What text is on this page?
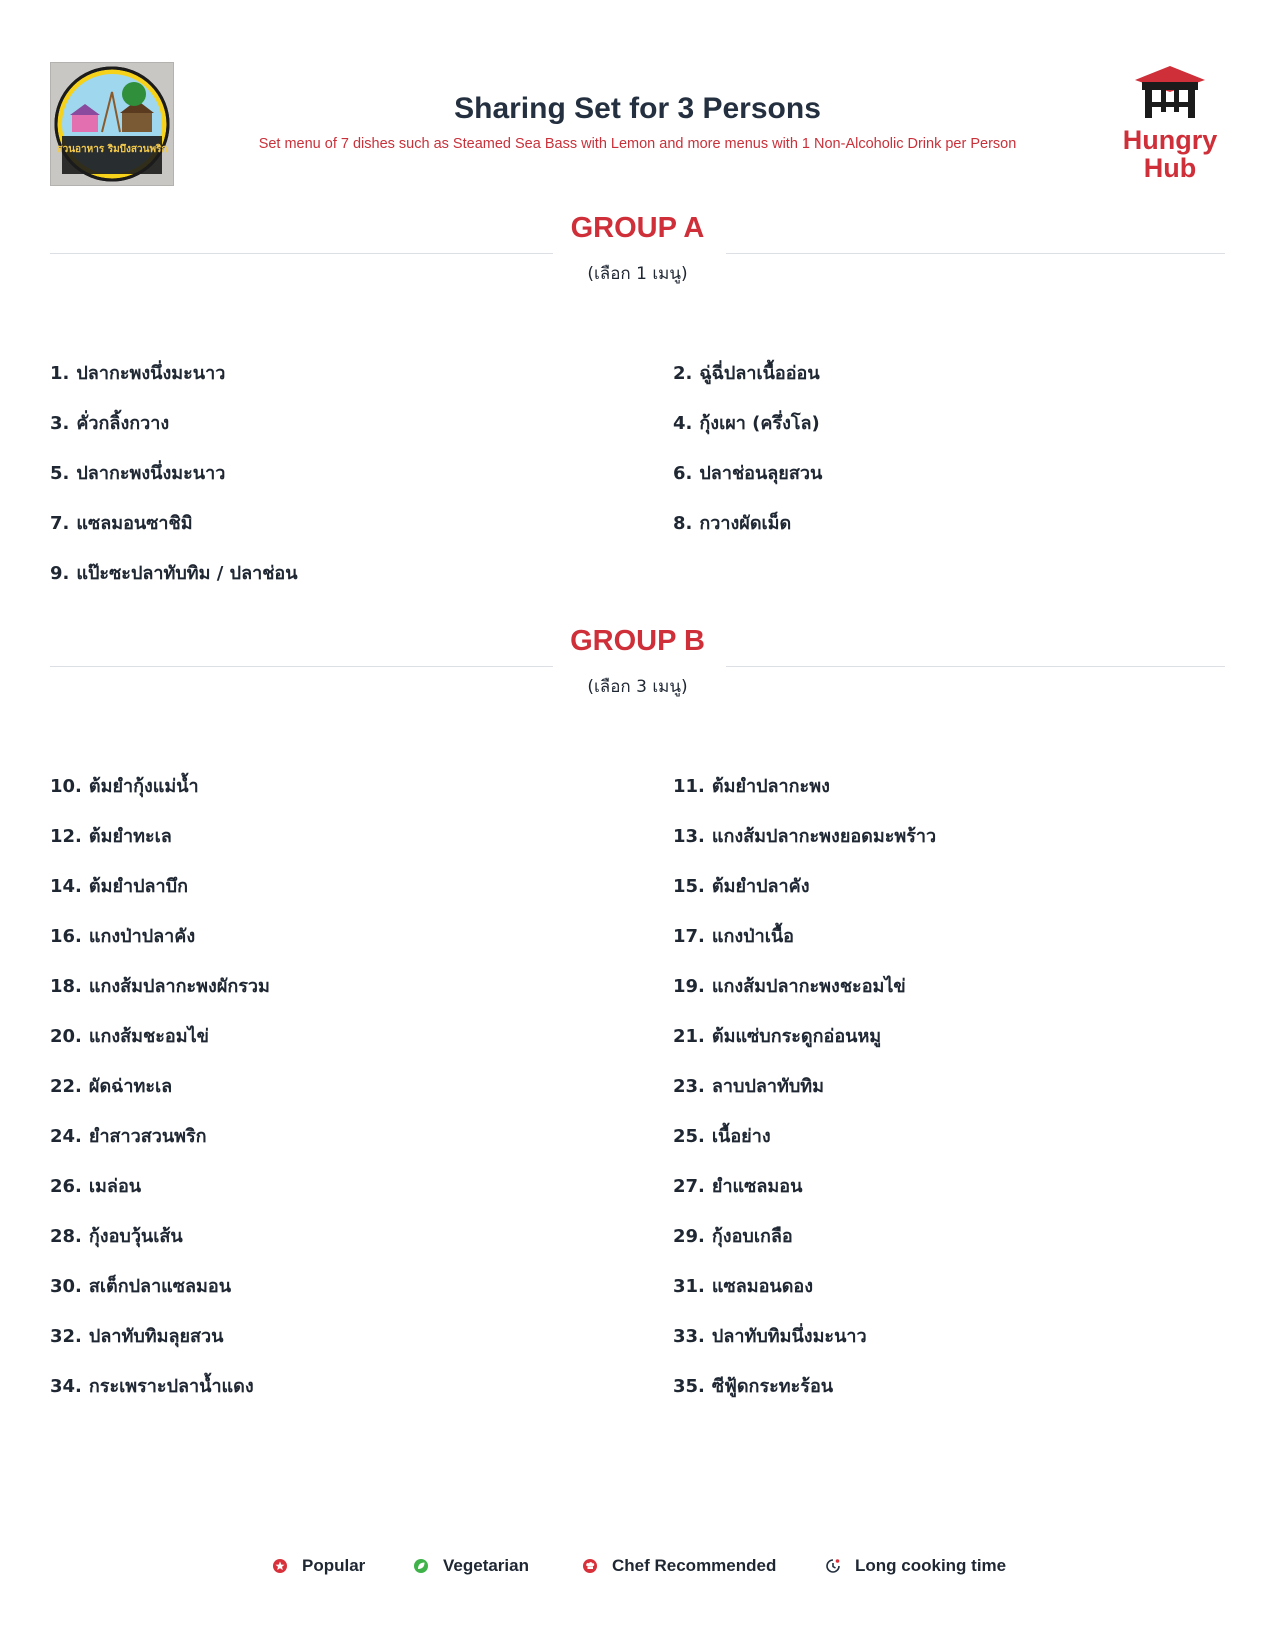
สวนอาหาร ริมบึงสวนพริก
Sharing Set for 3 Persons
Set menu of 7 dishes such as Steamed Sea Bass with Lemon and more menus with 1 Non-Alcoholic Drink per Person	Hungry
Hub
GROUP A
(เลือก 1 เมนู)
1. ปลากะพงนึ่งมะนาว	2. ฉู่ฉี่ปลาเนื้ออ่อน
3. คั่วกลิ้งกวาง	4. กุ้งเผา (ครึ่งโล)
5. ปลากะพงนึ่งมะนาว	6. ปลาช่อนลุยสวน
7. แซลมอนซาชิมิ	8. กวางผัดเม็ด
9. แป๊ะซะปลาทับทิม / ปลาช่อน
GROUP B
(เลือก 3 เมนู)
10. ต้มยำกุ้งแม่น้ำ	11. ต้มยำปลากะพง
12. ต้มยำทะเล	13. แกงส้มปลากะพงยอดมะพร้าว
14. ต้มยำปลาบึก	15. ต้มยำปลาคัง
16. แกงป่าปลาคัง	17. แกงป่าเนื้อ
18. แกงส้มปลากะพงผักรวม	19. แกงส้มปลากะพงชะอมไข่
20. แกงส้มชะอมไข่	21. ต้มแซ่บกระดูกอ่อนหมู
22. ผัดฉ่าทะเล	23. ลาบปลาทับทิม
24. ยำสาวสวนพริก	25. เนื้อย่าง
26. เมล่อน	27. ยำแซลมอน
28. กุ้งอบวุ้นเส้น	29. กุ้งอบเกลือ
30. สเต็กปลาแซลมอน	31. แซลมอนดอง
32. ปลาทับทิมลุยสวน	33. ปลาทับทิมนึ่งมะนาว
34. กระเพราะปลาน้ำแดง	35. ซีฟู้ดกระทะร้อน
Popular	Vegetarian	Chef Recommended	Long cooking time
